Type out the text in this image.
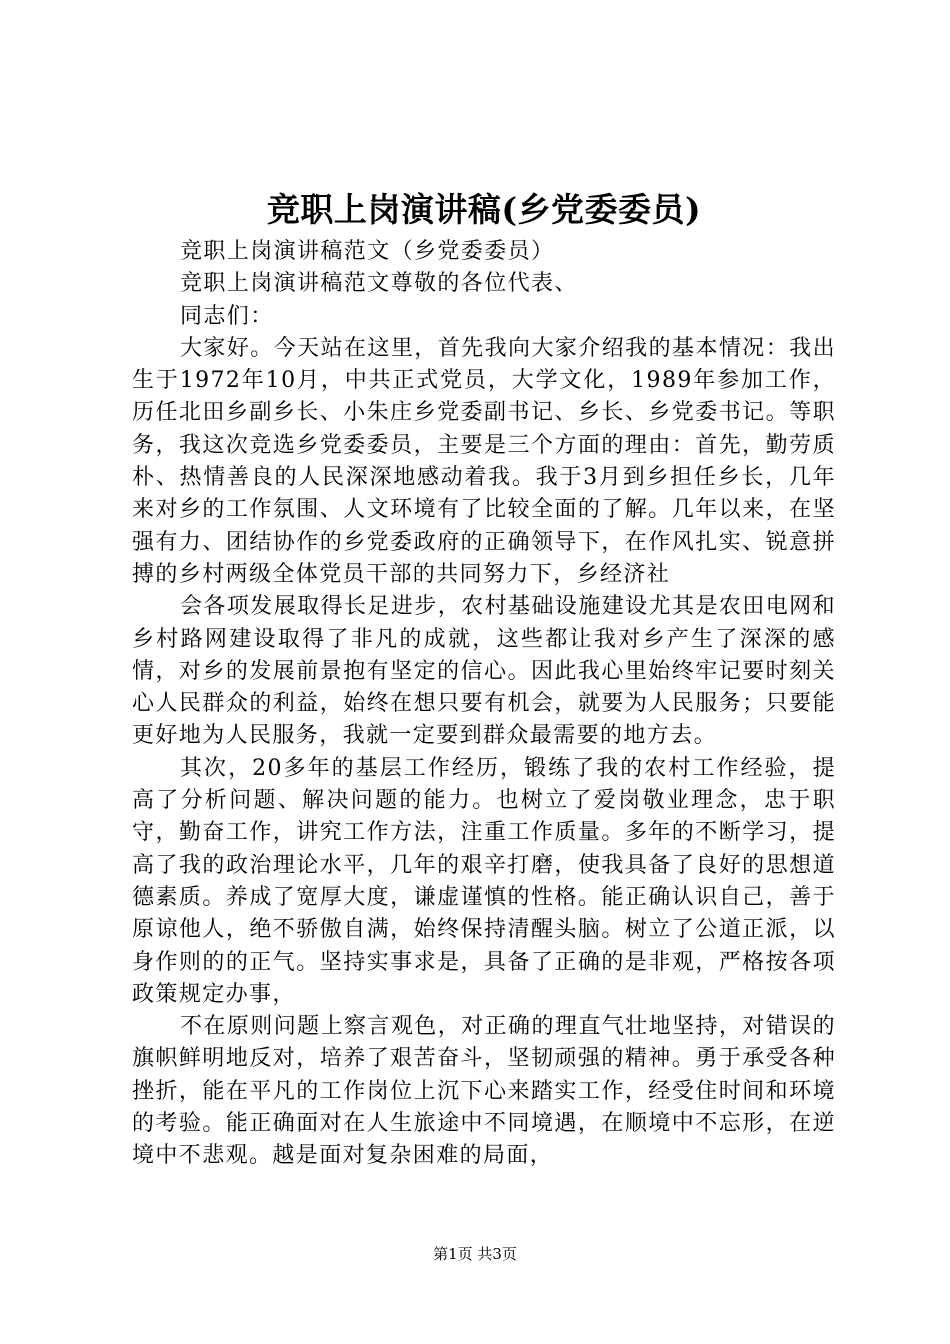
竞职上岗演讲稿(乡党委委员)

竞职上岗演讲稿范文（乡党委委员）

竞职上岗演讲稿范文尊敬的各位代表、

同志们：

大家好。今天站在这里，首先我向大家介绍我的基本情况：我出生于1972年10月，中共正式党员，大学文化，1989年参加工作，历任北田乡副乡长、小朱庄乡党委副书记、乡长、乡党委书记。等职务，我这次竞选乡党委委员，主要是三个方面的理由：首先，勤劳质朴、热情善良的人民深深地感动着我。我于3月到乡担任乡长，几年来对乡的工作氛围、人文环境有了比较全面的了解。几年以来，在坚强有力、团结协作的乡党委政府的正确领导下，在作风扎实、锐意拼搏的乡村两级全体党员干部的共同努力下，乡经济社

会各项发展取得长足进步，农村基础设施建设尤其是农田电网和乡村路网建设取得了非凡的成就，这些都让我对乡产生了深深的感情，对乡的发展前景抱有坚定的信心。因此我心里始终牢记要时刻关心人民群众的利益，始终在想只要有机会，就要为人民服务；只要能更好地为人民服务，我就一定要到群众最需要的地方去。

其次，20多年的基层工作经历，锻练了我的农村工作经验，提高了分析问题、解决问题的能力。也树立了爱岗敬业理念，忠于职守，勤奋工作，讲究工作方法，注重工作质量。多年的不断学习，提高了我的政治理论水平，几年的艰辛打磨，使我具备了良好的思想道德素质。养成了宽厚大度，谦虚谨慎的性格。能正确认识自己，善于原谅他人，绝不骄傲自满，始终保持清醒头脑。树立了公道正派，以身作则的的正气。坚持实事求是，具备了正确的是非观，严格按各项政策规定办事，

不在原则问题上察言观色，对正确的理直气壮地坚持，对错误的旗帜鲜明地反对，培养了艰苦奋斗，坚韧顽强的精神。勇于承受各种挫折，能在平凡的工作岗位上沉下心来踏实工作，经受住时间和环境的考验。能正确面对在人生旅途中不同境遇，在顺境中不忘形，在逆境中不悲观。越是面对复杂困难的局面，

第1页 共3页
